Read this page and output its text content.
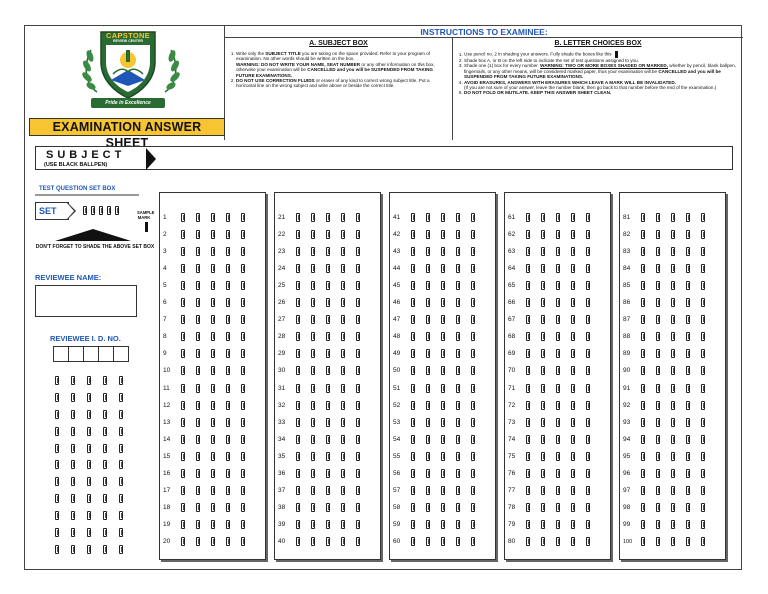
CAPSTONE
REVIEW CENTER
Pride in Excellence
EXAMINATION ANSWER SHEET
INSTRUCTIONS TO EXAMINEE:
A. SUBJECT BOX
1. Write only the SUBJECT TITLE you are taking on the space provided. Refer to your program of examination. No other words should be written on the box.
WARNING: DO NOT WRITE YOUR NAME, SEAT NUMBER or any other information on this box, otherwise your examination will be CANCELLED and you will be SUSPENDED FROM TAKING FUTURE EXAMINATIONS.
2. DO NOT USE CORRECTION FLUIDS or eraser of any kind to correct wrong subject title. Put a horizontal line on the wrong subject and write above or beside the correct title.
B. LETTER CHOICES BOX
1. Use pencil no. 2 in shading your answers. Fully shade the boxes like this
2. Shade box A, or B on the left side to indicate the set of test questions assigned to you.
3. Shade one (1) box for every number. WARNING: TWO OR MORE BOXES SHADED OR MARKED, whether by pencil, blank ballpen, fingernails, or any other means, will be considered marked paper, thus your examination will be CANCELLED and you will be SUSPENDED FROM TAKING FUTURE EXAMINATIONS.
4. AVOID ERASURES, ANSWERS WITH ERASURES WHICH LEAVE A MARK WILL BE INVALIDATED.
(If you are not sure of your answer, leave the number blank, then go back to that number before the end of the examination.)
5. DO NOT FOLD OR MUTILATE. KEEP THIS ANSWER SHEET CLEAN.
SUBJECT
(USE BLACK BALLPEN)
TEST QUESTION SET BOX
SET	SAMPLE MARK
DON'T FORGET TO SHADE THE ABOVE SET BOX
REVIEWEE NAME:
REVIEWEE I. D. NO.
1
2
3
4
5
6
7
8
9
10
11
12
13
14
15
16
17
18
19
20
21
22
23
24
25
26
27
28
29
30
31
32
33
34
35
36
37
38
39
40
41
42
43
44
45
46
47
48
49
50
51
52
53
54
55
56
57
58
59
60
61
62
63
64
65
66
67
68
69
70
71
72
73
74
75
76
77
78
79
80
81
82
83
84
85
86
87
88
89
90
91
92
93
94
95
96
97
98
99
100
